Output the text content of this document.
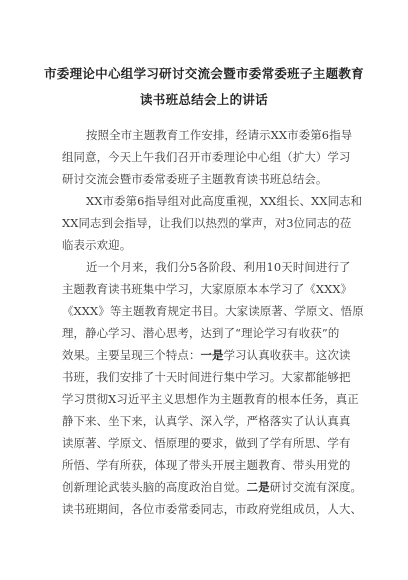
市委理论中心组学习研讨交流会暨市委常委班子主题教育
读书班总结会上的讲话
按照全市主题教育工作安排，经请示XX市委第6指导
组同意，今天上午我们召开市委理论中心组（扩大）学习
研讨交流会暨市委常委班子主题教育读书班总结会。
XX市委第6指导组对此高度重视，XX组长、XX同志和
XX同志到会指导，让我们以热烈的掌声，对3位同志的莅
临表示欢迎。
近一个月来，我们分5各阶段、利用10天时间进行了
主题教育读书班集中学习，大家原原本本学习了《XXX》
《XXX》等主题教育规定书目。大家读原著、学原文、悟原
理，静心学习、潜心思考，达到了“理论学习有收获”的
效果。主要呈现三个特点：一是学习认真收获丰。这次读
书班，我们安排了十天时间进行集中学习。大家都能够把
学习贯彻X习近平主义思想作为主题教育的根本任务，真正
静下来、坐下来，认真学、深入学，严格落实了认认真真
读原著、学原文、悟原理的要求，做到了学有所思、学有
所悟、学有所获，体现了带头开展主题教育、带头用党的
创新理论武装头脑的高度政治自觉。二是研讨交流有深度。
读书班期间，各位市委常委同志，市政府党组成员，人大、
